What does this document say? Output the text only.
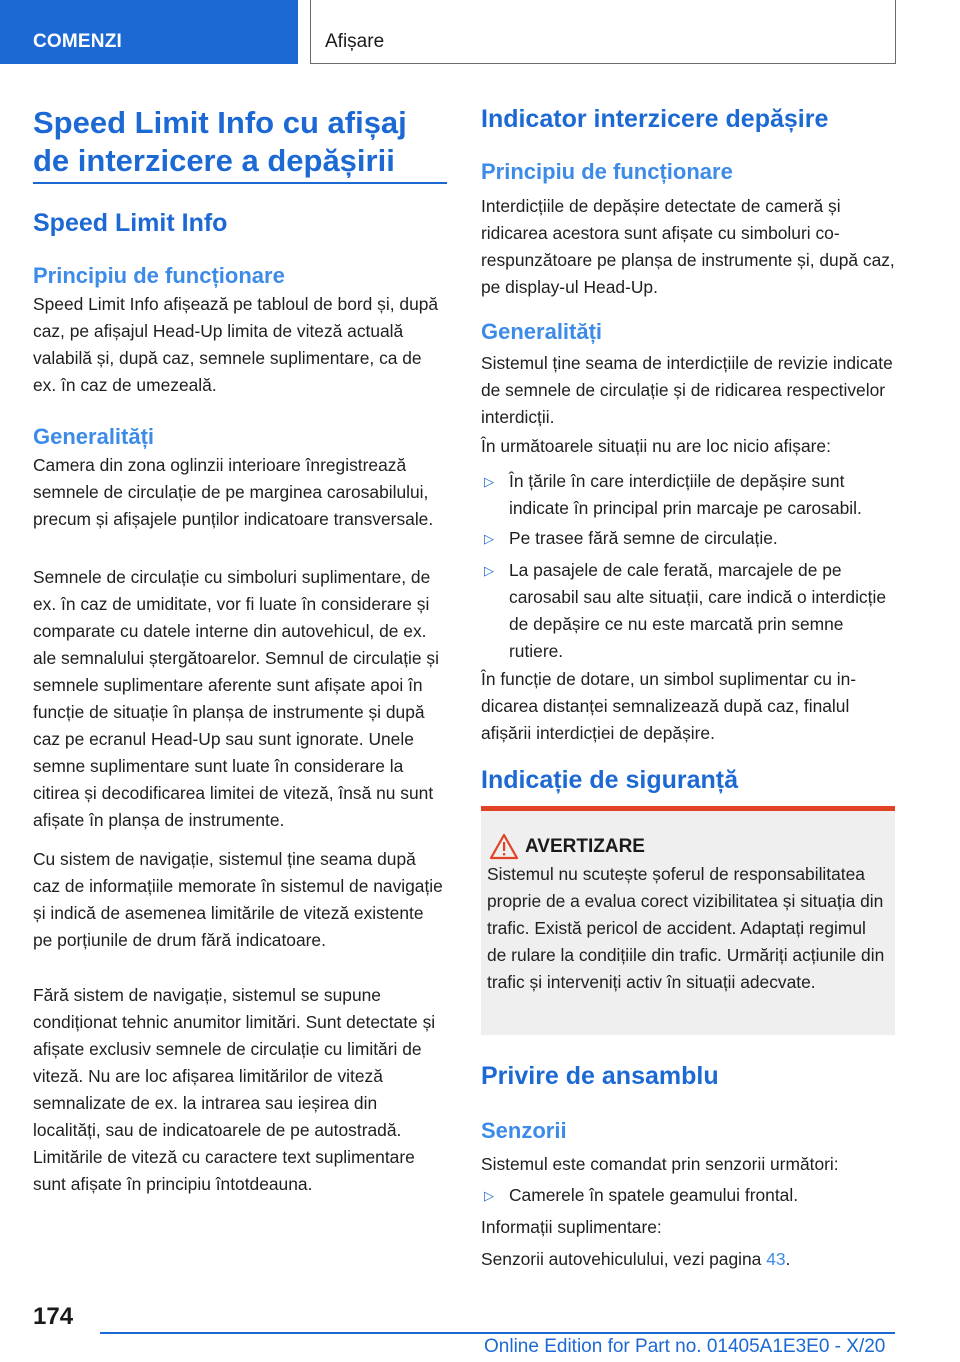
COMENZI	Afișare
Speed Limit Info cu afișaj de interzicere a depășirii
Speed Limit Info
Principiu de funcționare
Speed Limit Info afișează pe tabloul de bord și, după caz, pe afișajul Head-Up limita de viteză actuală valabilă și, după caz, semnele suplimentare, ca de ex. în caz de umezeală.
Generalități
Camera din zona oglinzii interioare înregistrează semnele de circulație de pe marginea carosabilului, precum și afișajele punților indicatoare transversale.
Semnele de circulație cu simboluri suplimentare, de ex. în caz de umiditate, vor fi luate în considerare și comparate cu datele interne din autovehicul, de ex. ale semnalului ștergătoarelor. Semnul de circulație și semnele suplimentare aferente sunt afișate apoi în funcție de situație în planșa de instrumente și după caz pe ecranul Head-Up sau sunt ignorate. Unele semne suplimentare sunt luate în considerare la citirea și decodificarea limitei de viteză, însă nu sunt afișate în planșa de instrumente.
Cu sistem de navigație, sistemul ține seama după caz de informațiile memorate în sistemul de navigație și indică de asemenea limitările de viteză existente pe porțiunile de drum fără indicatoare.
Fără sistem de navigație, sistemul se supune condiționat tehnic anumitor limitări. Sunt detectate și afișate exclusiv semnele de circulație cu limitări de viteză. Nu are loc afișarea limitărilor de viteză semnalizate de ex. la intrarea sau ieșirea din localități, sau de indicatoarele de pe autostradă. Limitările de viteză cu caractere text suplimentare sunt afișate în principiu întotdeauna.
Indicator interzicere depășire
Principiu de funcționare
Interdicțiile de depășire detectate de cameră și ridicarea acestora sunt afișate cu simboluri corespunzătoare pe planșa de instrumente și, după caz, pe display-ul Head-Up.
Generalități
Sistemul ține seama de interdicțiile de revizie indicate de semnele de circulație și de ridicarea respectivelor interdicții.
În următoarele situații nu are loc nicio afișare:
▷ În țările în care interdicțiile de depășire sunt indicate în principal prin marcaje pe carosabil.
▷ Pe trasee fără semne de circulație.
▷ La pasajele de cale ferată, marcajele de pe carosabil sau alte situații, care indică o interdicție de depășire ce nu este marcată prin semne rutiere.
În funcție de dotare, un simbol suplimentar cu indicarea distanței semnalizează după caz, finalul afișării interdicției de depășire.
Indicație de siguranță
Privire de ansamblu
Senzorii
Sistemul este comandat prin senzorii următori:
▷ Camerele în spatele geamului frontal.
Informații suplimentare:
Senzorii autovehiculului, vezi pagina 43.
AVERTIZARE
Sistemul nu scutește șoferul de responsabilitatea proprie de a evalua corect vizibilitatea și situația din trafic. Există pericol de accident. Adaptați regimul de rulare la condițiile din trafic. Urmăriți acțiunile din trafic și interveniți activ în situații adecvate.
174
Online Edition for Part no. 01405A1E3E0 - X/20
